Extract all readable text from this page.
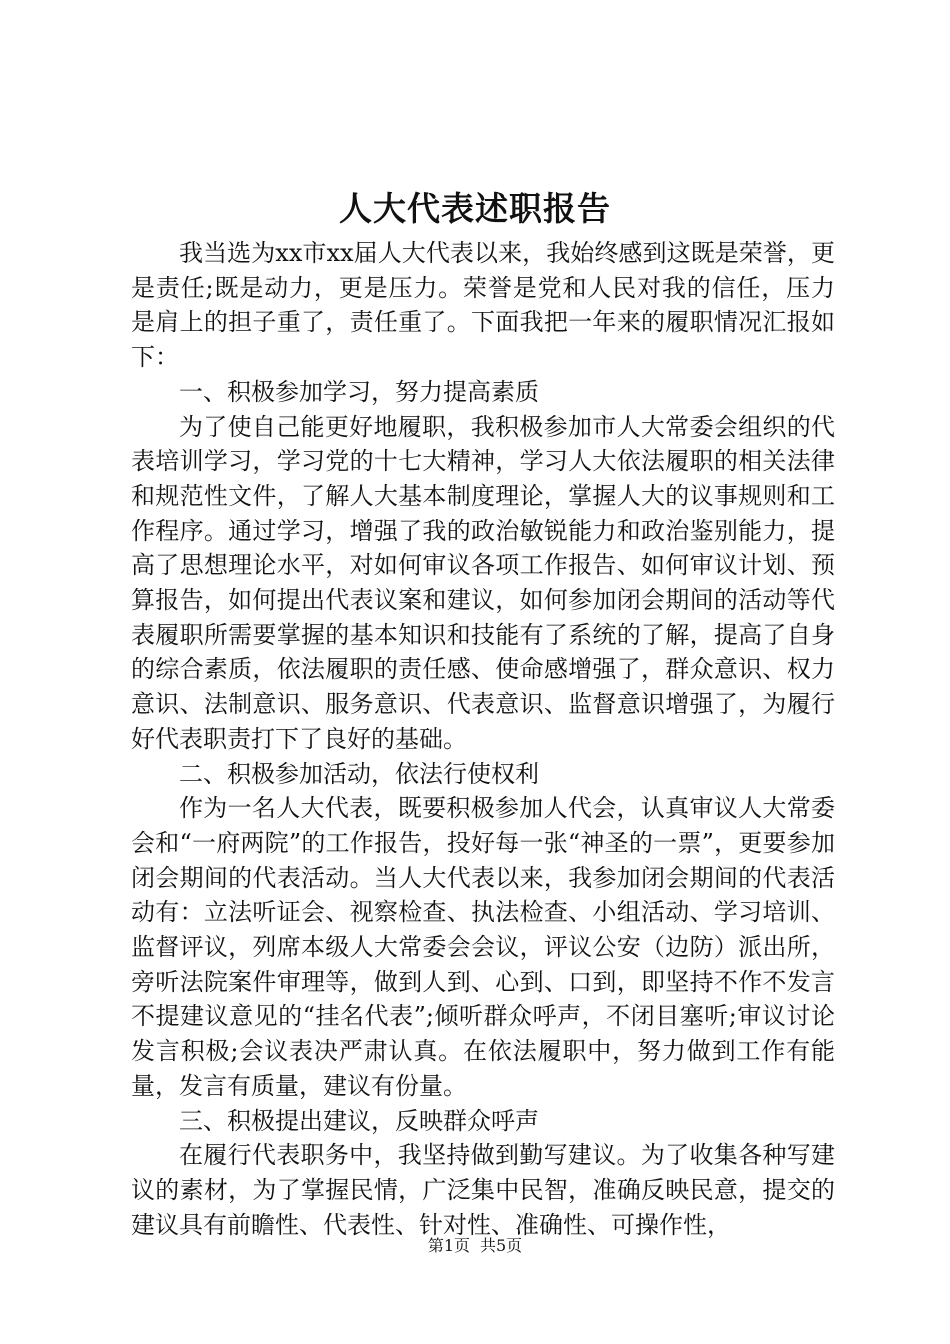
人大代表述职报告

我当选为xx市xx届人大代表以来，我始终感到这既是荣誉，更是责任;既是动力，更是压力。荣誉是党和人民对我的信任，压力是肩上的担子重了，责任重了。下面我把一年来的履职情况汇报如下：

一、积极参加学习，努力提高素质

为了使自己能更好地履职，我积极参加市人大常委会组织的代表培训学习，学习党的十七大精神，学习人大依法履职的相关法律和规范性文件，了解人大基本制度理论，掌握人大的议事规则和工作程序。通过学习，增强了我的政治敏锐能力和政治鉴别能力，提高了思想理论水平，对如何审议各项工作报告、如何审议计划、预算报告，如何提出代表议案和建议，如何参加闭会期间的活动等代表履职所需要掌握的基本知识和技能有了系统的了解，提高了自身的综合素质，依法履职的责任感、使命感增强了，群众意识、权力意识、法制意识、服务意识、代表意识、监督意识增强了，为履行好代表职责打下了良好的基础。

二、积极参加活动，依法行使权利

作为一名人大代表，既要积极参加人代会，认真审议人大常委会和“一府两院”的工作报告，投好每一张“神圣的一票”，更要参加闭会期间的代表活动。当人大代表以来，我参加闭会期间的代表活动有：立法听证会、视察检查、执法检查、小组活动、学习培训、监督评议，列席本级人大常委会会议，评议公安（边防）派出所，旁听法院案件审理等，做到人到、心到、口到，即坚持不作不发言不提建议意见的“挂名代表”;倾听群众呼声，不闭目塞听;审议讨论发言积极;会议表决严肃认真。在依法履职中，努力做到工作有能量，发言有质量，建议有份量。

三、积极提出建议，反映群众呼声

在履行代表职务中，我坚持做到勤写建议。为了收集各种写建议的素材，为了掌握民情，广泛集中民智，准确反映民意，提交的建议具有前瞻性、代表性、针对性、准确性、可操作性，

第1页 共5页
